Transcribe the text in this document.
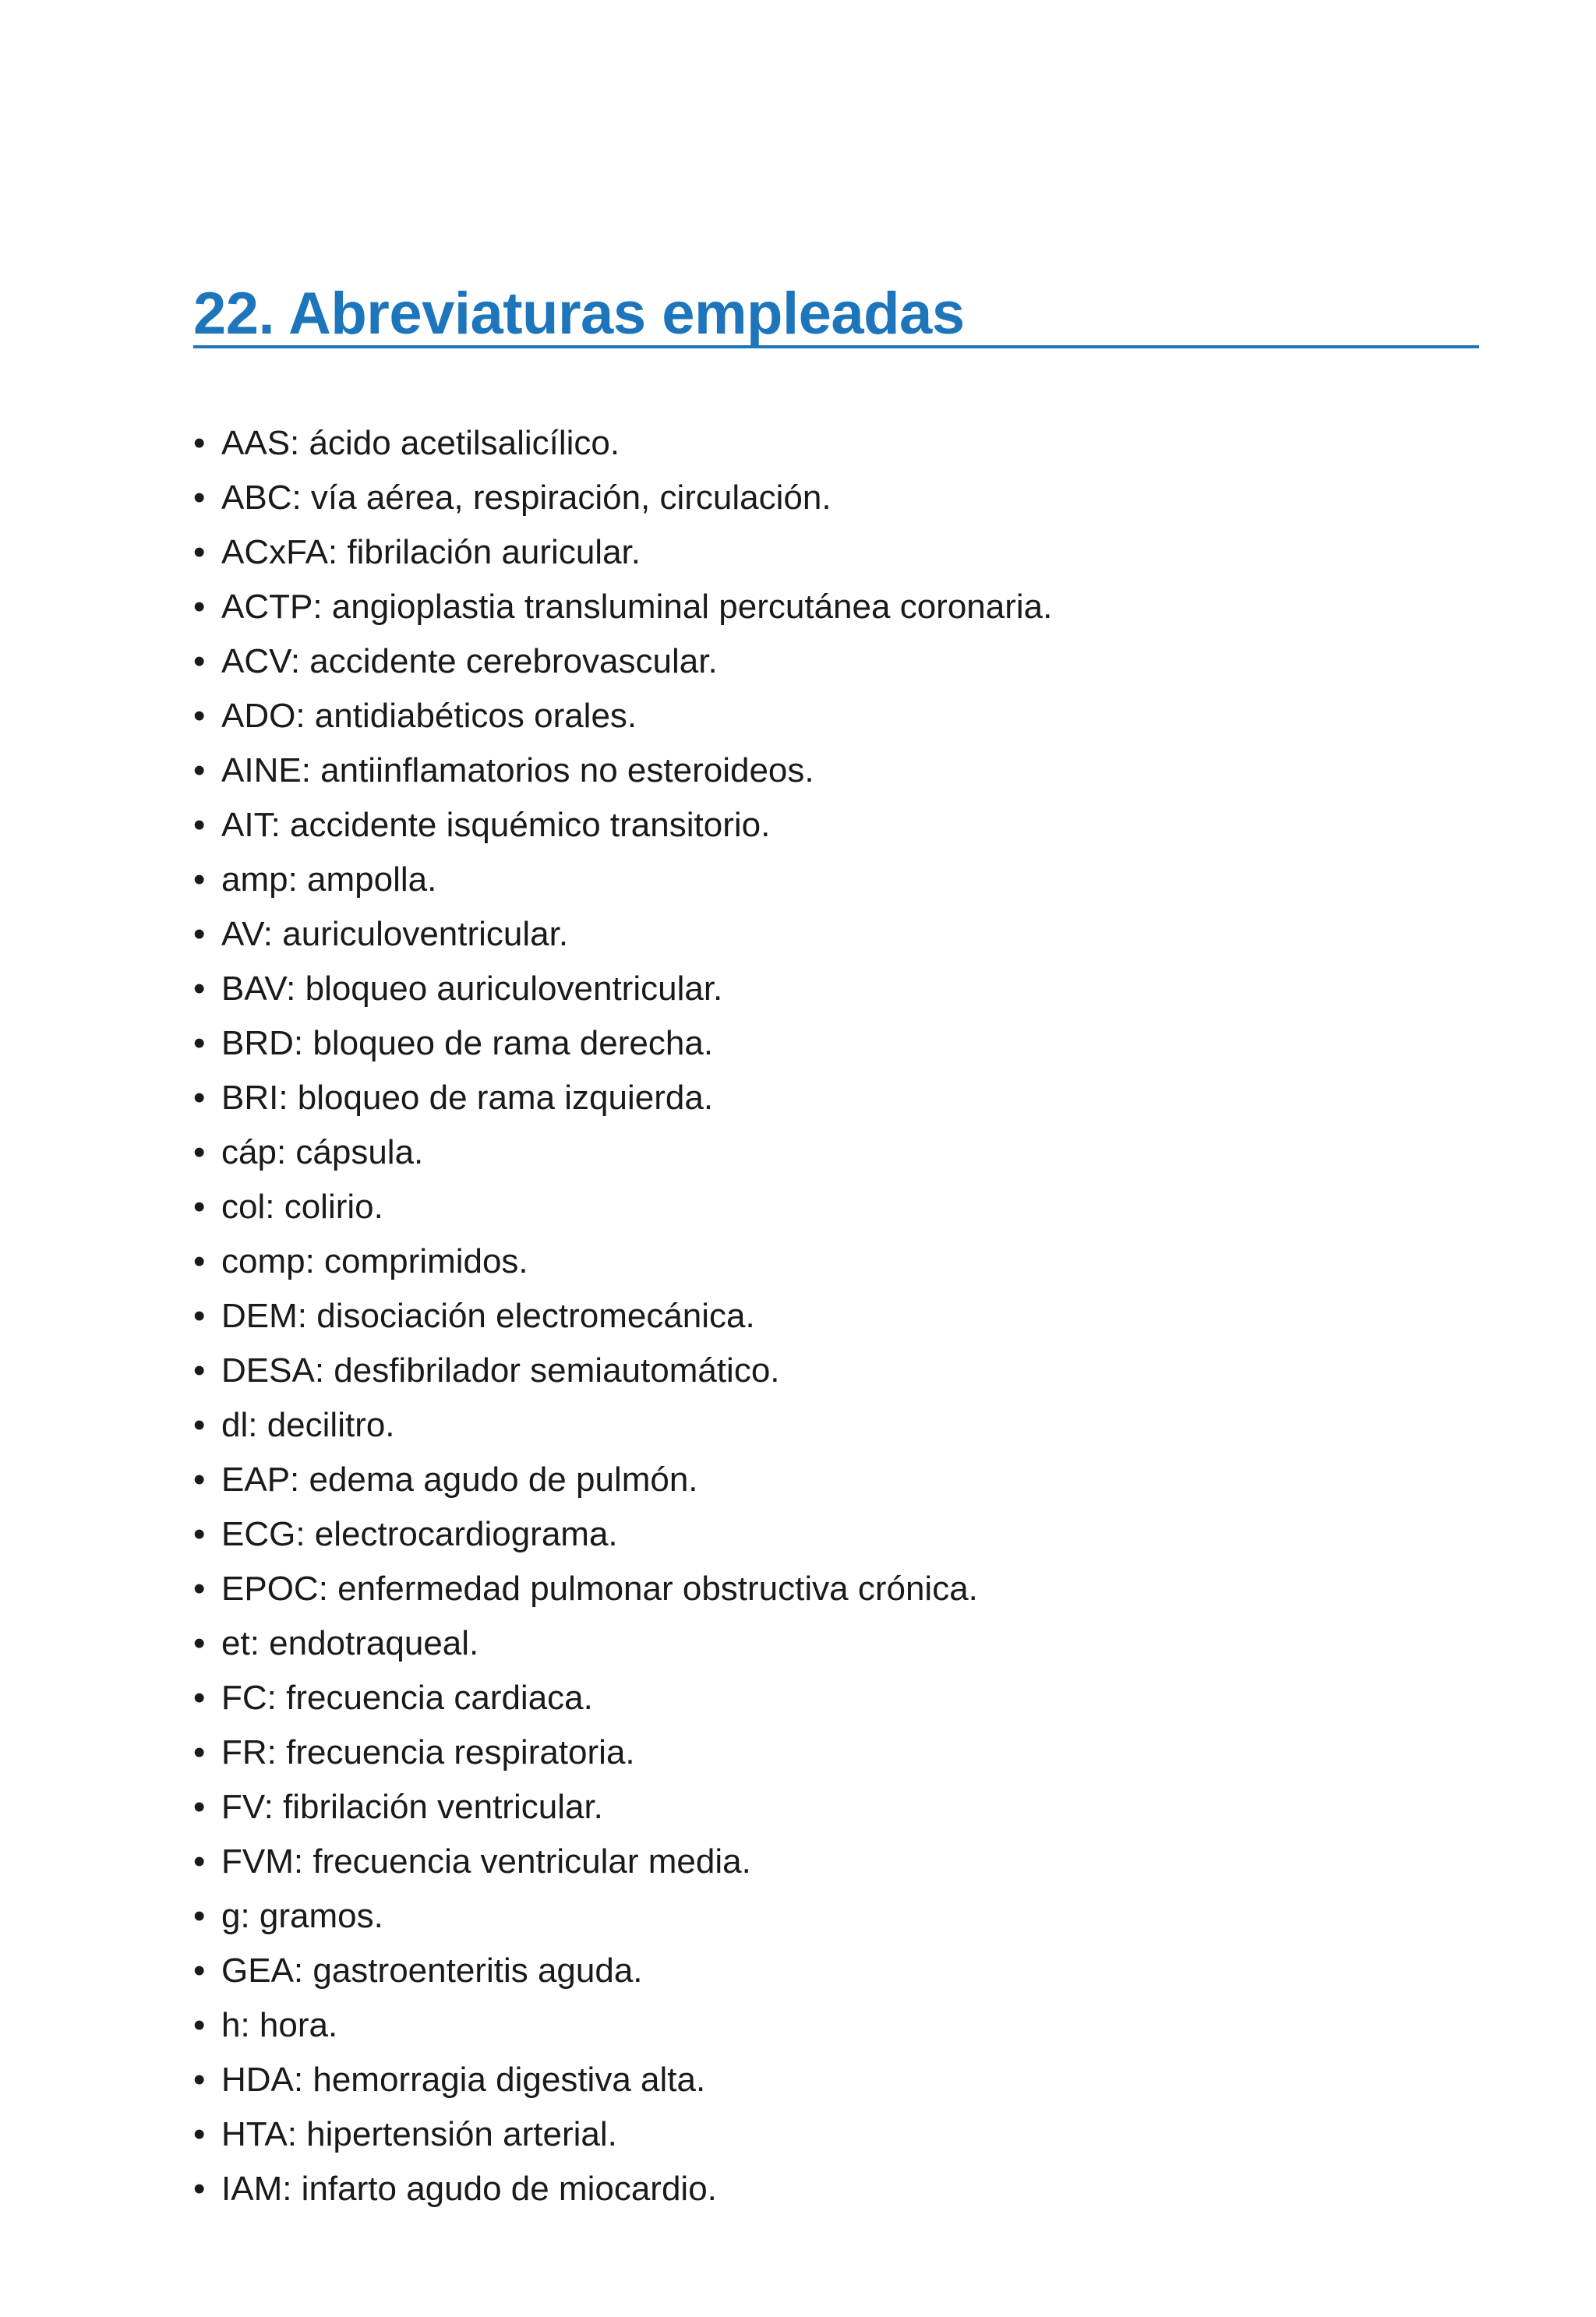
22. Abreviaturas empleadas
• AAS: ácido acetilsalicílico.
• ABC: vía aérea, respiración, circulación.
• ACxFA: fibrilación auricular.
• ACTP: angioplastia transluminal percutánea coronaria.
• ACV: accidente cerebrovascular.
• ADO: antidiabéticos orales.
• AINE: antiinflamatorios no esteroideos.
• AIT: accidente isquémico transitorio.
• amp: ampolla.
• AV: auriculoventricular.
• BAV: bloqueo auriculoventricular.
• BRD: bloqueo de rama derecha.
• BRI: bloqueo de rama izquierda.
• cáp: cápsula.
• col: colirio.
• comp: comprimidos.
• DEM: disociación electromecánica.
• DESA: desfibrilador semiautomático.
• dl: decilitro.
• EAP: edema agudo de pulmón.
• ECG: electrocardiograma.
• EPOC: enfermedad pulmonar obstructiva crónica.
• et: endotraqueal.
• FC: frecuencia cardiaca.
• FR: frecuencia respiratoria.
• FV: fibrilación ventricular.
• FVM: frecuencia ventricular media.
• g: gramos.
• GEA: gastroenteritis aguda.
• h: hora.
• HDA: hemorragia digestiva alta.
• HTA: hipertensión arterial.
• IAM: infarto agudo de miocardio.
